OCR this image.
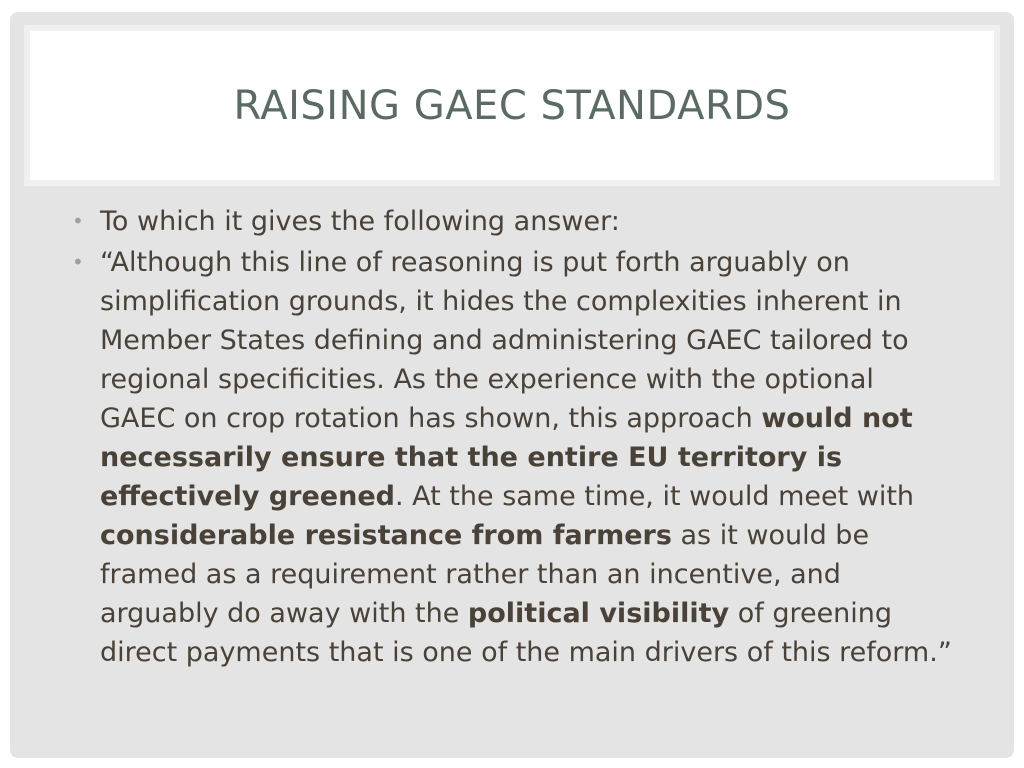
RAISING GAEC STANDARDS
• To which it gives the following answer:
• “Although this line of reasoning is put forth arguably on simplification grounds, it hides the complexities inherent in Member States defining and administering GAEC tailored to regional specificities. As the experience with the optional GAEC on crop rotation has shown, this approach would not necessarily ensure that the entire EU territory is effectively greened. At the same time, it would meet with considerable resistance from farmers as it would be framed as a requirement rather than an incentive, and arguably do away with the political visibility of greening direct payments that is one of the main drivers of this reform.”
